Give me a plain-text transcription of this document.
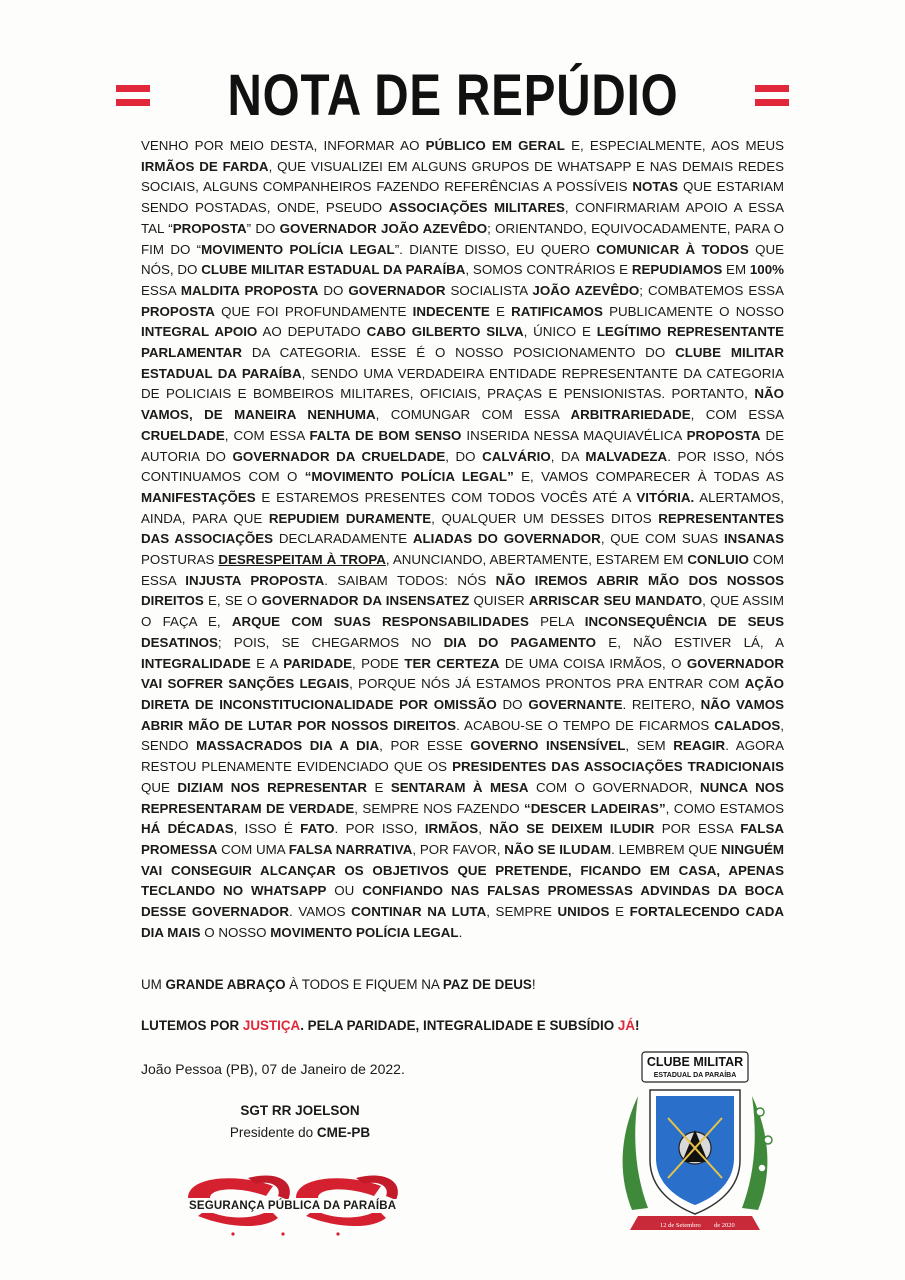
NOTA DE REPÚDIO
VENHO POR MEIO DESTA, INFORMAR AO PÚBLICO EM GERAL E, ESPECIALMENTE, AOS MEUS IRMÃOS DE FARDA, QUE VISUALIZEI EM ALGUNS GRUPOS DE WHATSAPP E NAS DEMAIS REDES SOCIAIS, ALGUNS COMPANHEIROS FAZENDO REFERÊNCIAS A POSSÍVEIS NOTAS QUE ESTARIAM SENDO POSTADAS, ONDE, PSEUDO ASSOCIAÇÕES MILITARES, CONFIRMARIAM APOIO A ESSA TAL “PROPOSTA” DO GOVERNADOR JOÃO AZEVÊDO; ORIENTANDO, EQUIVOCADAMENTE, PARA O FIM DO “MOVIMENTO POLÍCIA LEGAL”. DIANTE DISSO, EU QUERO COMUNICAR À TODOS QUE NÓS, DO CLUBE MILITAR ESTADUAL DA PARAÍBA, SOMOS CONTRÁRIOS E REPUDIAMOS EM 100% ESSA MALDITA PROPOSTA DO GOVERNADOR SOCIALISTA JOÃO AZEVÊDO; COMBATEMOS ESSA PROPOSTA QUE FOI PROFUNDAMENTE INDECENTE E RATIFICAMOS PUBLICAMENTE O NOSSO INTEGRAL APOIO AO DEPUTADO CABO GILBERTO SILVA, ÚNICO E LEGÍTIMO REPRESENTANTE PARLAMENTAR DA CATEGORIA. ESSE É O NOSSO POSICIONAMENTO DO CLUBE MILITAR ESTADUAL DA PARAÍBA, SENDO UMA VERDADEIRA ENTIDADE REPRESENTANTE DA CATEGORIA DE POLICIAIS E BOMBEIROS MILITARES, OFICIAIS, PRAÇAS E PENSIONISTAS. PORTANTO, NÃO VAMOS, DE MANEIRA NENHUMA, COMUNGAR COM ESSA ARBITRARIEDADE, COM ESSA CRUELDADE, COM ESSA FALTA DE BOM SENSO INSERIDA NESSA MAQUIAVÉLICA PROPOSTA DE AUTORIA DO GOVERNADOR DA CRUELDADE, DO CALVÁRIO, DA MALVADEZA. POR ISSO, NÓS CONTINUAMOS COM O “MOVIMENTO POLÍCIA LEGAL” E, VAMOS COMPARECER À TODAS AS MANIFESTAÇÕES E ESTAREMOS PRESENTES COM TODOS VOCÊS ATÉ A VITÓRIA. ALERTAMOS, AINDA, PARA QUE REPUDIEM DURAMENTE, QUALQUER UM DESSES DITOS REPRESENTANTES DAS ASSOCIAÇÕES DECLARADAMENTE ALIADAS DO GOVERNADOR, QUE COM SUAS INSANAS POSTURAS DESRESPEITAM À TROPA, ANUNCIANDO, ABERTAMENTE, ESTAREM EM CONLUIO COM ESSA INJUSTA PROPOSTA. SAIBAM TODOS: NÓS NÃO IREMOS ABRIR MÃO DOS NOSSOS DIREITOS E, SE O GOVERNADOR DA INSENSATEZ QUISER ARRISCAR SEU MANDATO, QUE ASSIM O FAÇA E, ARQUE COM SUAS RESPONSABILIDADES PELA INCONSEQUÊNCIA DE SEUS DESATINOS; POIS, SE CHEGARMOS NO DIA DO PAGAMENTO E, NÃO ESTIVER LÁ, A INTEGRALIDADE E A PARIDADE, PODE TER CERTEZA DE UMA COISA IRMÃOS, O GOVERNADOR VAI SOFRER SANÇÕES LEGAIS, PORQUE NÓS JÁ ESTAMOS PRONTOS PRA ENTRAR COM AÇÃO DIRETA DE INCONSTITUCIONALIDADE POR OMISSÃO DO GOVERNANTE. REITERO, NÃO VAMOS ABRIR MÃO DE LUTAR POR NOSSOS DIREITOS. ACABOU-SE O TEMPO DE FICARMOS CALADOS, SENDO MASSACRADOS DIA A DIA, POR ESSE GOVERNO INSENSÍVEL, SEM REAGIR. AGORA RESTOU PLENAMENTE EVIDENCIADO QUE OS PRESIDENTES DAS ASSOCIAÇÕES TRADICIONAIS QUE DIZIAM NOS REPRESENTAR E SENTARAM À MESA COM O GOVERNADOR, NUNCA NOS REPRESENTARAM DE VERDADE, SEMPRE NOS FAZENDO “DESCER LADEIRAS”, COMO ESTAMOS HÁ DÉCADAS, ISSO É FATO. POR ISSO, IRMÃOS, NÃO SE DEIXEM ILUDIR POR ESSA FALSA PROMESSA COM UMA FALSA NARRATIVA, POR FAVOR, NÃO SE ILUDAM. LEMBREM QUE NINGUÉM VAI CONSEGUIR ALCANÇAR OS OBJETIVOS QUE PRETENDE, FICANDO EM CASA, APENAS TECLANDO NO WHATSAPP OU CONFIANDO NAS FALSAS PROMESSAS ADVINDAS DA BOCA DESSE GOVERNADOR. VAMOS CONTINAR NA LUTA, SEMPRE UNIDOS E FORTALECENDO CADA DIA MAIS O NOSSO MOVIMENTO POLÍCIA LEGAL.
UM GRANDE ABRAÇO À TODOS E FIQUEM NA PAZ DE DEUS!
LUTEMOS POR JUSTIÇA. PELA PARIDADE, INTEGRALIDADE E SUBSÍDIO JÁ!
João Pessoa (PB), 07 de Janeiro de 2022.
SGT RR JOELSON
Presidente do CME-PB
SEGURANÇA PÚBLICA DA PARAÍBA
CLUBE MILITAR
ESTADUAL DA PARAÍBA
12 de Setembro de 2020
